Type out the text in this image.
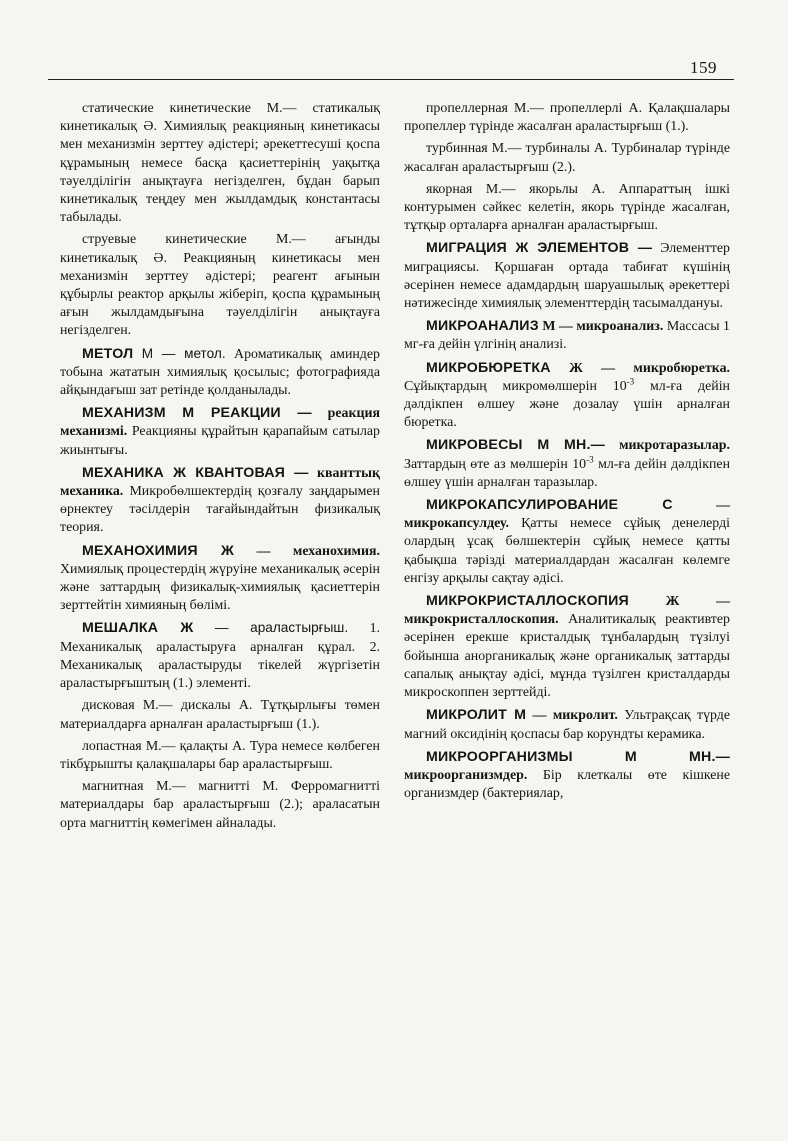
159

статические кинетические М.— статикалық кинетикалық Ə. Химиялық реакцияның кинетикасы мен механизмін зерттеу əдістері; əрекеттесуші қоспа құрамының немесе басқа қасиеттерінің уақытқа тəуелділігін анықтауға негізделген, бұдан барып кинетикалық теңдеу мен жылдамдық константасы табылады.

струевые кинетические М.— ағынды кинетикалық Ə. Реакцияның кинетикасы мен механизмін зерттеу əдістері; реагент ағынын құбырлы реактор арқылы жіберіп, қоспа құрамының ағын жылдамдығына тəуелділігін анықтауға негізделген.

МЕТОЛ М — метол. Ароматикалық аминдер тобына жататын химиялық қосылыс; фотографияда айқындағыш зат ретінде қолданылады.

МЕХАНИЗМ М РЕАКЦИИ — реакция механизмі. Реакцияны құрайтын қарапайым сатылар жиынтығы.

МЕХАНИКА Ж КВАНТОВАЯ — кванттық механика. Микробөлшектердің қозғалу заңдарымен өрнектеу тəсілдерін тағайындайтын физикалық теория.

МЕХАНОХИМИЯ Ж — механохимия. Химиялық процестердің жүруіне механикалық əсерін жəне заттардың физикалық-химиялық қасиеттерін зерттейтін химияның бөлімі.

МЕШАЛКА Ж — араластырғыш. 1. Механикалық араластыруға арналған құрал. 2. Механикалық араластыруды тікелей жүргізетін араластырғыштың (1.) элементі.

дисковая М.— дискалы А. Тұтқырлығы төмен материалдарға арналған араластырғыш (1.).

лопастная М.— қалақты А. Тура немесе көлбеген тікбұрышты қалақшалары бар араластырғыш.

магнитная М.— магнитті М. Ферромагнитті материалдары бар араластырғыш (2.); араласатын орта магниттің көмегімен айналады.

пропеллерная М.— пропеллерлі А. Қалақшалары пропеллер түрінде жасалған араластырғыш (1.).

турбинная М.— турбиналы А. Турбиналар түрінде жасалған араластырғыш (2.).

якорная М.— якорьлы А. Аппараттың ішкі контурымен сəйкес келетін, якорь түрінде жасалған, тұтқыр орталарға арналған араластырғыш.

МИГРАЦИЯ Ж ЭЛЕМЕНТОВ — Элементтер миграциясы. Қоршаған ортада табиғат күшінің əсерінен немесе адамдардың шаруашылық əрекеттері нəтижесінде химиялық элементтердің тасымалдануы.

МИКРОАНАЛИЗ М — микроанализ. Массасы 1 мг-ға дейін үлгінің анализі.

МИКРОБЮРЕТКА Ж — микробюретка. Сұйықтардың микромөлшерін $10^{-3}$ мл-ға дейін дəлдікпен өлшеу жəне дозалау үшін арналған бюретка.

МИКРОВЕСЫ М МН.— микротаразылар. Заттардың өте аз мөлшерін $10^{-3}$ мл-ға дейін дəлдікпен өлшеу үшін арналған таразылар.

МИКРОКАПСУЛИРОВАНИЕ С	— микрокапсулдеу. Қатты немесе сұйық денелерді олардың ұсақ бөлшектерін сұйық немесе қатты қабықша тəрізді материалдардан жасалған көлемге енгізу арқылы сақтау əдісі.

МИКРОКРИСТАЛЛОСКОПИЯ	Ж — микрокристаллоскопия. Аналитикалық реактивтер əсерінен ерекше кристалдық тұнбалардың түзілуі бойынша анорганикалық жəне органикалық заттарды сапалық анықтау əдісі, мұнда түзілген кристалдарды микроскоппен зерттейді.

МИКРОЛИТ М — микролит. Ультрақсақ түрде магний оксидінің қоспасы бар корундты керамика.

МИКРООРГАНИЗМЫ М МН.— микроорганизмдер. Бір клеткалы өте кішкене организмдер (бактериялар,
